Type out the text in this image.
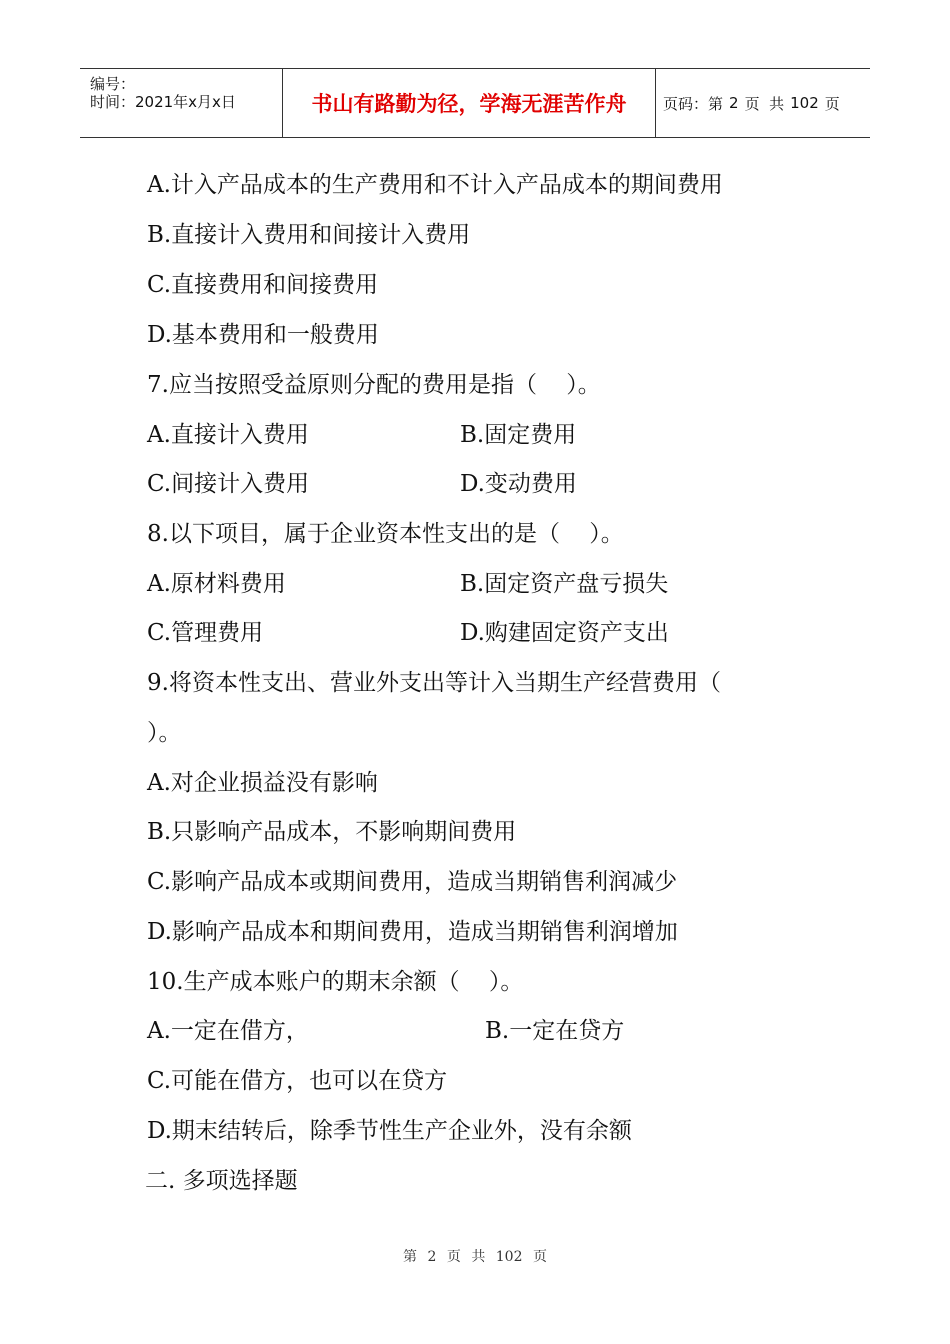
编号：
时间：2021年x月x日	书山有路勤为径，学海无涯苦作舟	页码：第 2 页  共 102 页
A.计入产品成本的生产费用和不计入产品成本的期间费用
B.直接计入费用和间接计入费用
C.直接费用和间接费用
D.基本费用和一般费用
7.应当按照受益原则分配的费用是指（    ）。
A.直接计入费用	B.固定费用
C.间接计入费用	D.变动费用
8.以下项目，属于企业资本性支出的是（    ）。
A.原材料费用	B.固定资产盘亏损失
C.管理费用	D.购建固定资产支出
9.将资本性支出、营业外支出等计入当期生产经营费用（
）。
A.对企业损益没有影响
B.只影响产品成本，不影响期间费用
C.影响产品成本或期间费用，造成当期销售利润减少
D.影响产品成本和期间费用，造成当期销售利润增加
10.生产成本账户的期末余额（    ）。
A.一定在借方，	B.一定在贷方
C.可能在借方，也可以在贷方
D.期末结转后，除季节性生产企业外，没有余额
二. 多项选择题
第 2 页 共 102 页
